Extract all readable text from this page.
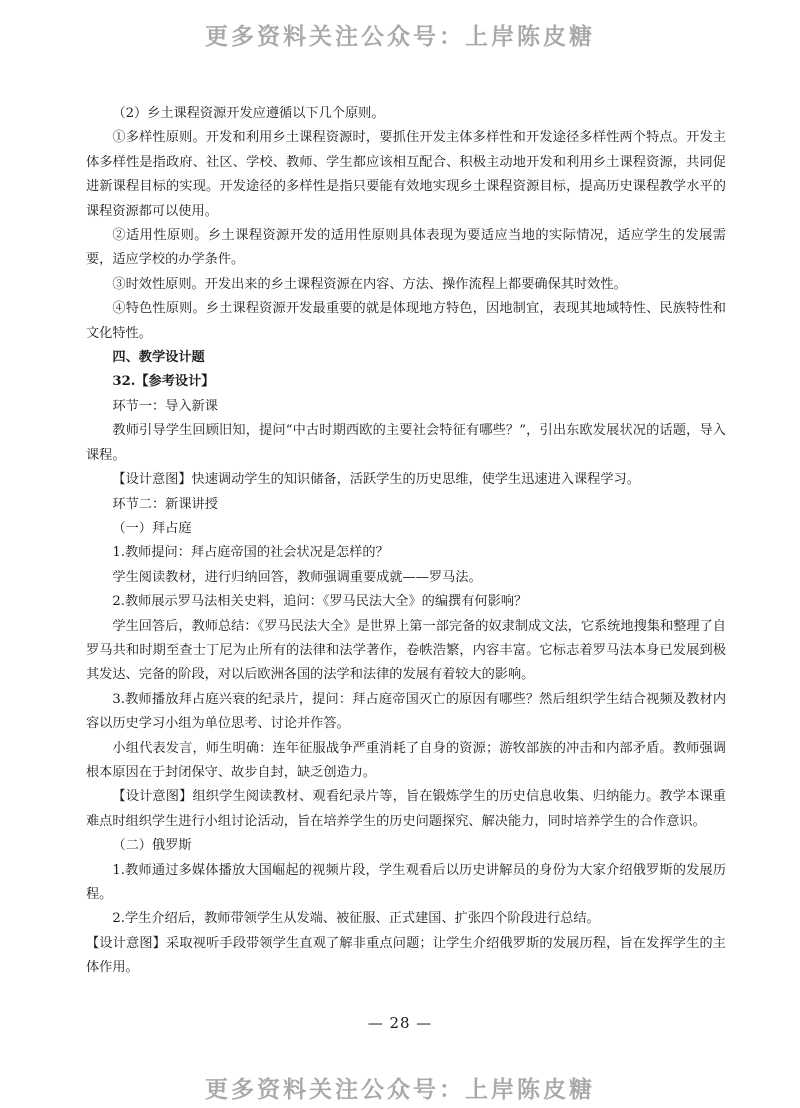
更多资料关注公众号：上岸陈皮糖

（2）乡土课程资源开发应遵循以下几个原则。

①多样性原则。开发和利用乡土课程资源时，要抓住开发主体多样性和开发途径多样性两个特点。开发主体多样性是指政府、社区、学校、教师、学生都应该相互配合、积极主动地开发和利用乡土课程资源，共同促进新课程目标的实现。开发途径的多样性是指只要能有效地实现乡土课程资源目标，提高历史课程教学水平的课程资源都可以使用。

②适用性原则。乡土课程资源开发的适用性原则具体表现为要适应当地的实际情况，适应学生的发展需要，适应学校的办学条件。

③时效性原则。开发出来的乡土课程资源在内容、方法、操作流程上都要确保其时效性。

④特色性原则。乡土课程资源开发最重要的就是体现地方特色，因地制宜，表现其地域特性、民族特性和文化特性。

四、教学设计题

32.【参考设计】

环节一：导入新课

教师引导学生回顾旧知，提问“中古时期西欧的主要社会特征有哪些？”，引出东欧发展状况的话题，导入课程。

【设计意图】快速调动学生的知识储备，活跃学生的历史思维，使学生迅速进入课程学习。

环节二：新课讲授

（一）拜占庭

1.教师提问：拜占庭帝国的社会状况是怎样的？

学生阅读教材，进行归纳回答，教师强调重要成就——罗马法。

2.教师展示罗马法相关史料，追问：《罗马民法大全》的编撰有何影响？

学生回答后，教师总结：《罗马民法大全》是世界上第一部完备的奴隶制成文法，它系统地搜集和整理了自罗马共和时期至查士丁尼为止所有的法律和法学著作，卷帙浩繁，内容丰富。它标志着罗马法本身已发展到极其发达、完备的阶段，对以后欧洲各国的法学和法律的发展有着较大的影响。

3.教师播放拜占庭兴衰的纪录片，提问：拜占庭帝国灭亡的原因有哪些？然后组织学生结合视频及教材内容以历史学习小组为单位思考、讨论并作答。

小组代表发言，师生明确：连年征服战争严重消耗了自身的资源；游牧部族的冲击和内部矛盾。教师强调根本原因在于封闭保守、故步自封，缺乏创造力。

【设计意图】组织学生阅读教材、观看纪录片等，旨在锻炼学生的历史信息收集、归纳能力。教学本课重难点时组织学生进行小组讨论活动，旨在培养学生的历史问题探究、解决能力，同时培养学生的合作意识。

（二）俄罗斯

1.教师通过多媒体播放大国崛起的视频片段，学生观看后以历史讲解员的身份为大家介绍俄罗斯的发展历程。

2.学生介绍后，教师带领学生从发端、被征服、正式建国、扩张四个阶段进行总结。

【设计意图】采取视听手段带领学生直观了解非重点问题；让学生介绍俄罗斯的发展历程，旨在发挥学生的主体作用。

— 28 —
更多资料关注公众号：上岸陈皮糖
